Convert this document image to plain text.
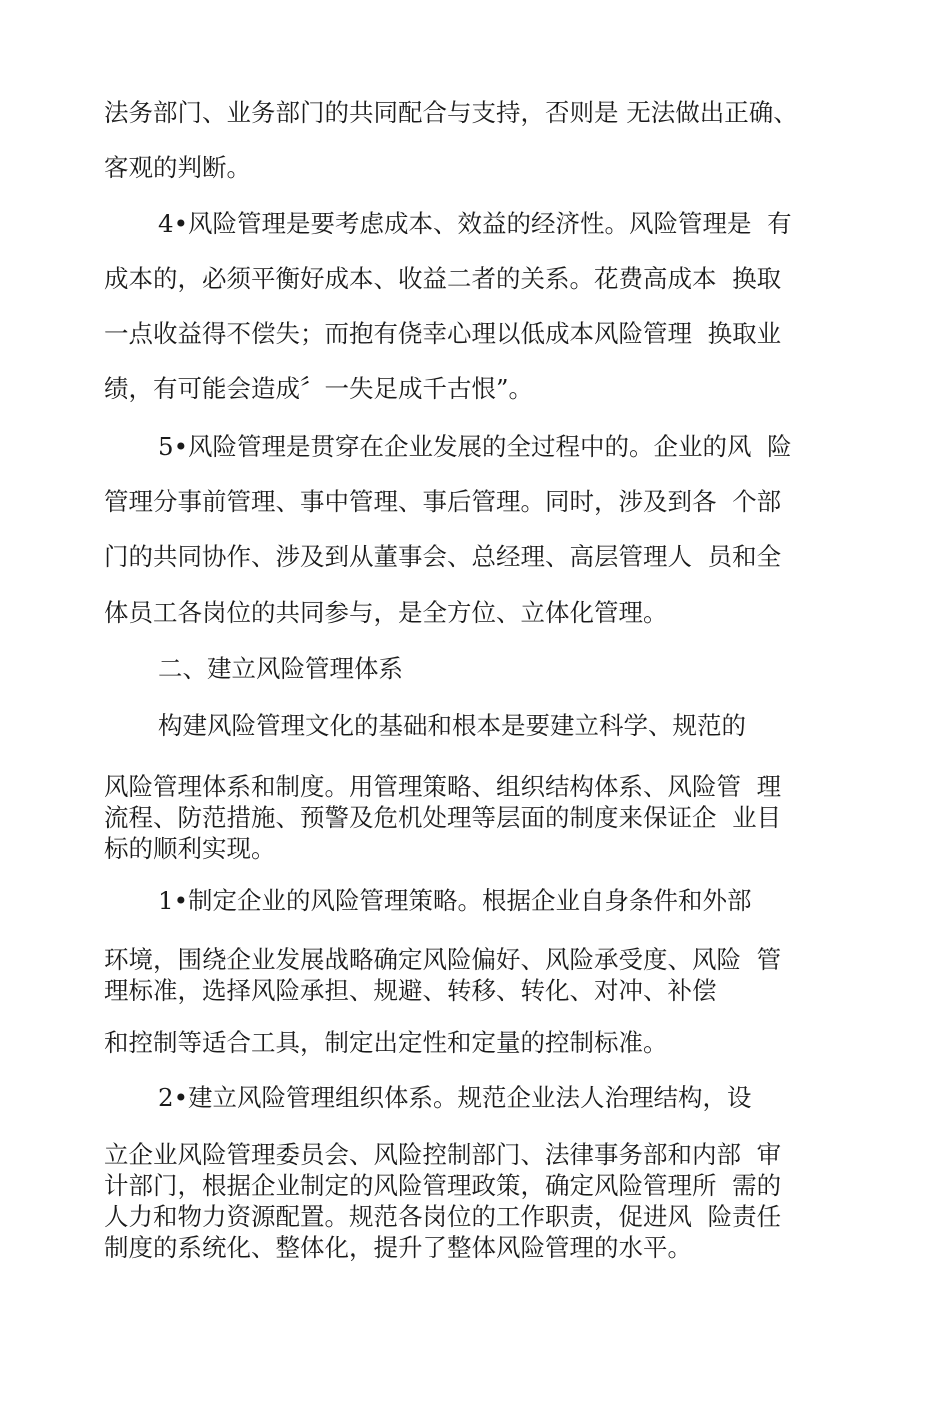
法务部门、业务部门的共同配合与支持，否则是 无法做出正确、

客观的判断。

4•风险管理是要考虑成本、效益的经济性。风险管理是  有

成本的，必须平衡好成本、收益二者的关系。花费高成本  换取

一点收益得不偿失；而抱有侥幸心理以低成本风险管理  换取业

绩，有可能会造成〞一失足成千古恨”。

5•风险管理是贯穿在企业发展的全过程中的。企业的风  险

管理分事前管理、事中管理、事后管理。同时，涉及到各  个部

门的共同协作、涉及到从董事会、总经理、高层管理人  员和全

体员工各岗位的共同参与，是全方位、立体化管理。

二、建立风险管理体系

构建风险管理文化的基础和根本是要建立科学、规范的

风险管理体系和制度。用管理策略、组织结构体系、风险管  理

流程、防范措施、预警及危机处理等层面的制度来保证企  业目

标的顺利实现。

1•制定企业的风险管理策略。根据企业自身条件和外部

环境，围绕企业发展战略确定风险偏好、风险承受度、风险  管

理标准，选择风险承担、规避、转移、转化、对冲、补偿

和控制等适合工具，制定出定性和定量的控制标准。

2•建立风险管理组织体系。规范企业法人治理结构，设

立企业风险管理委员会、风险控制部门、法律事务部和内部  审

计部门，根据企业制定的风险管理政策，确定风险管理所  需的

人力和物力资源配置。规范各岗位的工作职责，促进风  险责任

制度的系统化、整体化，提升了整体风险管理的水平。
